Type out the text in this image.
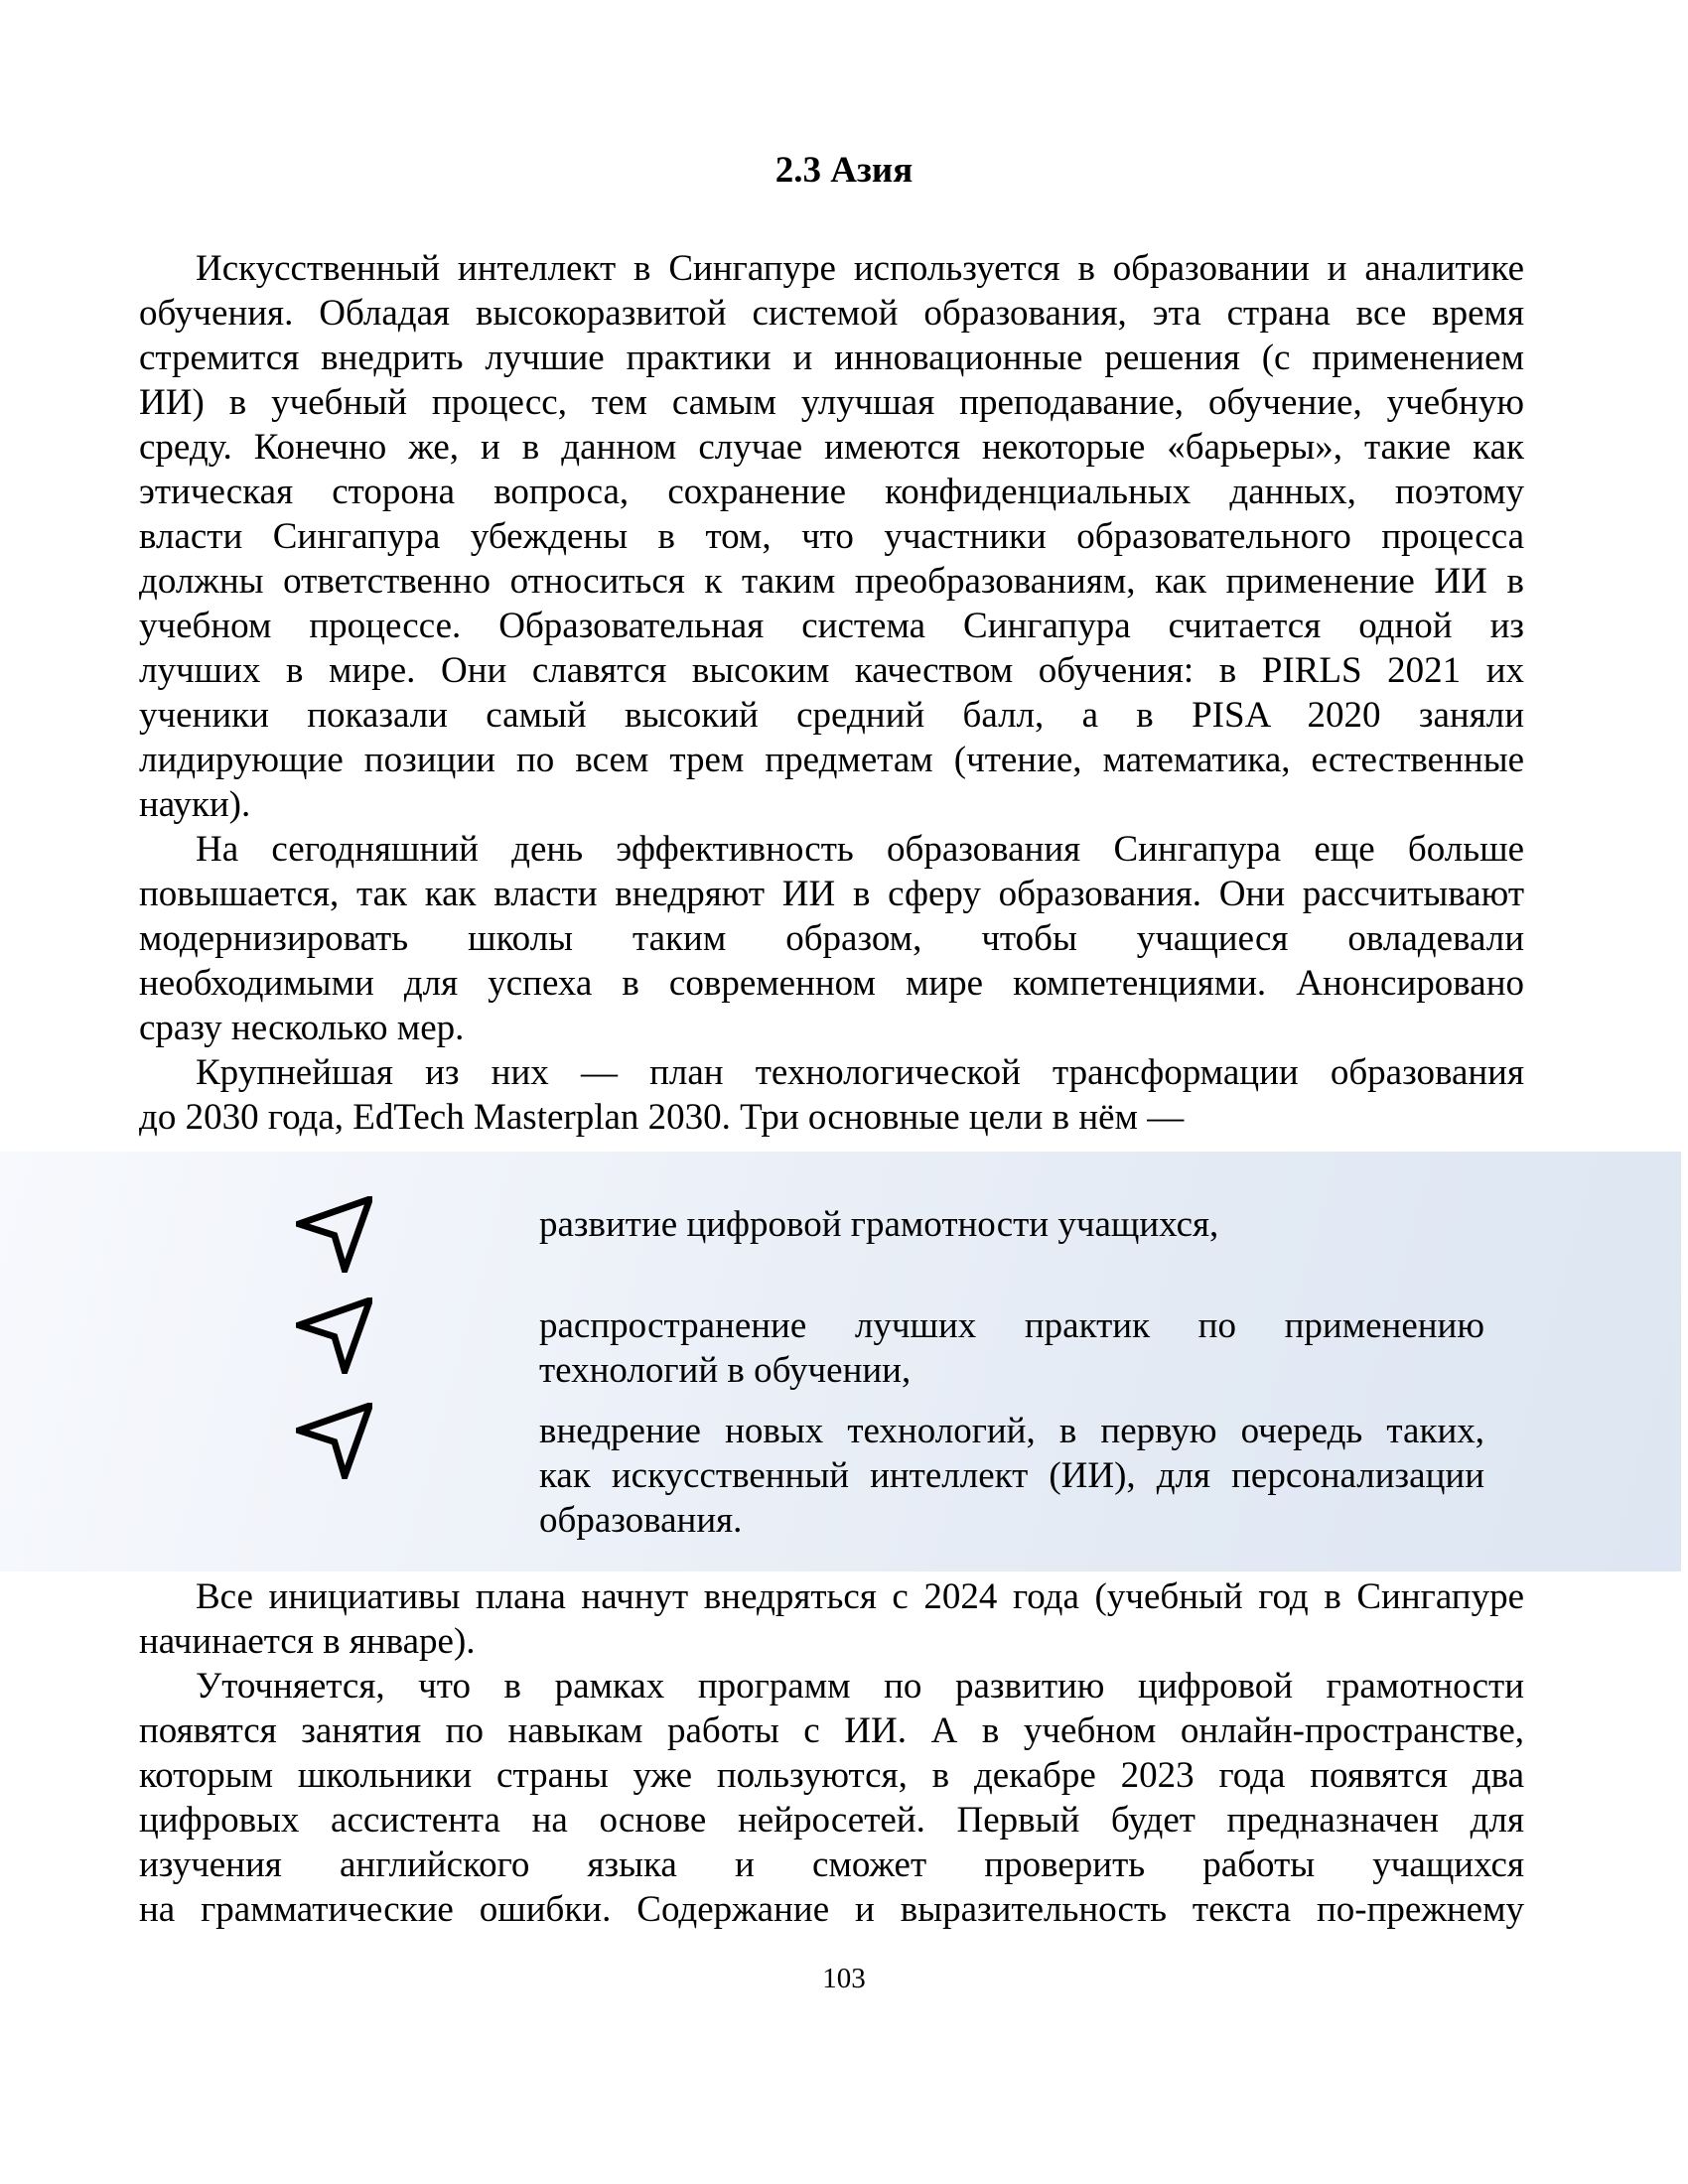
2.3 Азия
Искусственный интеллект в Сингапуре используется в образовании и аналитике
обучения. Обладая высокоразвитой системой образования, эта страна все время
стремится внедрить лучшие практики и инновационные решения (с применением
ИИ) в учебный процесс, тем самым улучшая преподавание, обучение, учебную
среду. Конечно же, и в данном случае имеются некоторые «барьеры», такие как
этическая сторона вопроса, сохранение конфиденциальных данных, поэтому
власти Сингапура убеждены в том, что участники образовательного процесса
должны ответственно относиться к таким преобразованиям, как применение ИИ в
учебном процессе. Образовательная система Сингапура считается одной из
лучших в мире. Они славятся высоким качеством обучения: в PIRLS 2021 их
ученики показали самый высокий средний балл, а в PISA 2020 заняли
лидирующие позиции по всем трем предметам (чтение, математика, естественные
науки).
На сегодняшний день эффективность образования Сингапура еще больше
повышается, так как власти внедряют ИИ в сферу образования. Они рассчитывают
модернизировать школы таким образом, чтобы учащиеся овладевали
необходимыми для успеха в современном мире компетенциями. Анонсировано
сразу несколько мер.
Крупнейшая из них — план технологической трансформации образования
до 2030 года, EdTech Masterplan 2030. Три основные цели в нём —
развитие цифровой грамотности учащихся,
распространение лучших практик по применению
технологий в обучении,
внедрение новых технологий, в первую очередь таких,
как искусственный интеллект (ИИ), для персонализации
образования.
Все инициативы плана начнут внедряться с 2024 года (учебный год в Сингапуре
начинается в январе).
Уточняется, что в рамках программ по развитию цифровой грамотности
появятся занятия по навыкам работы с ИИ. А в учебном онлайн-пространстве,
которым школьники страны уже пользуются, в декабре 2023 года появятся два
цифровых ассистента на основе нейросетей. Первый будет предназначен для
изучения английского языка и сможет проверить работы учащихся
на грамматические ошибки. Содержание и выразительность текста по-прежнему
103
